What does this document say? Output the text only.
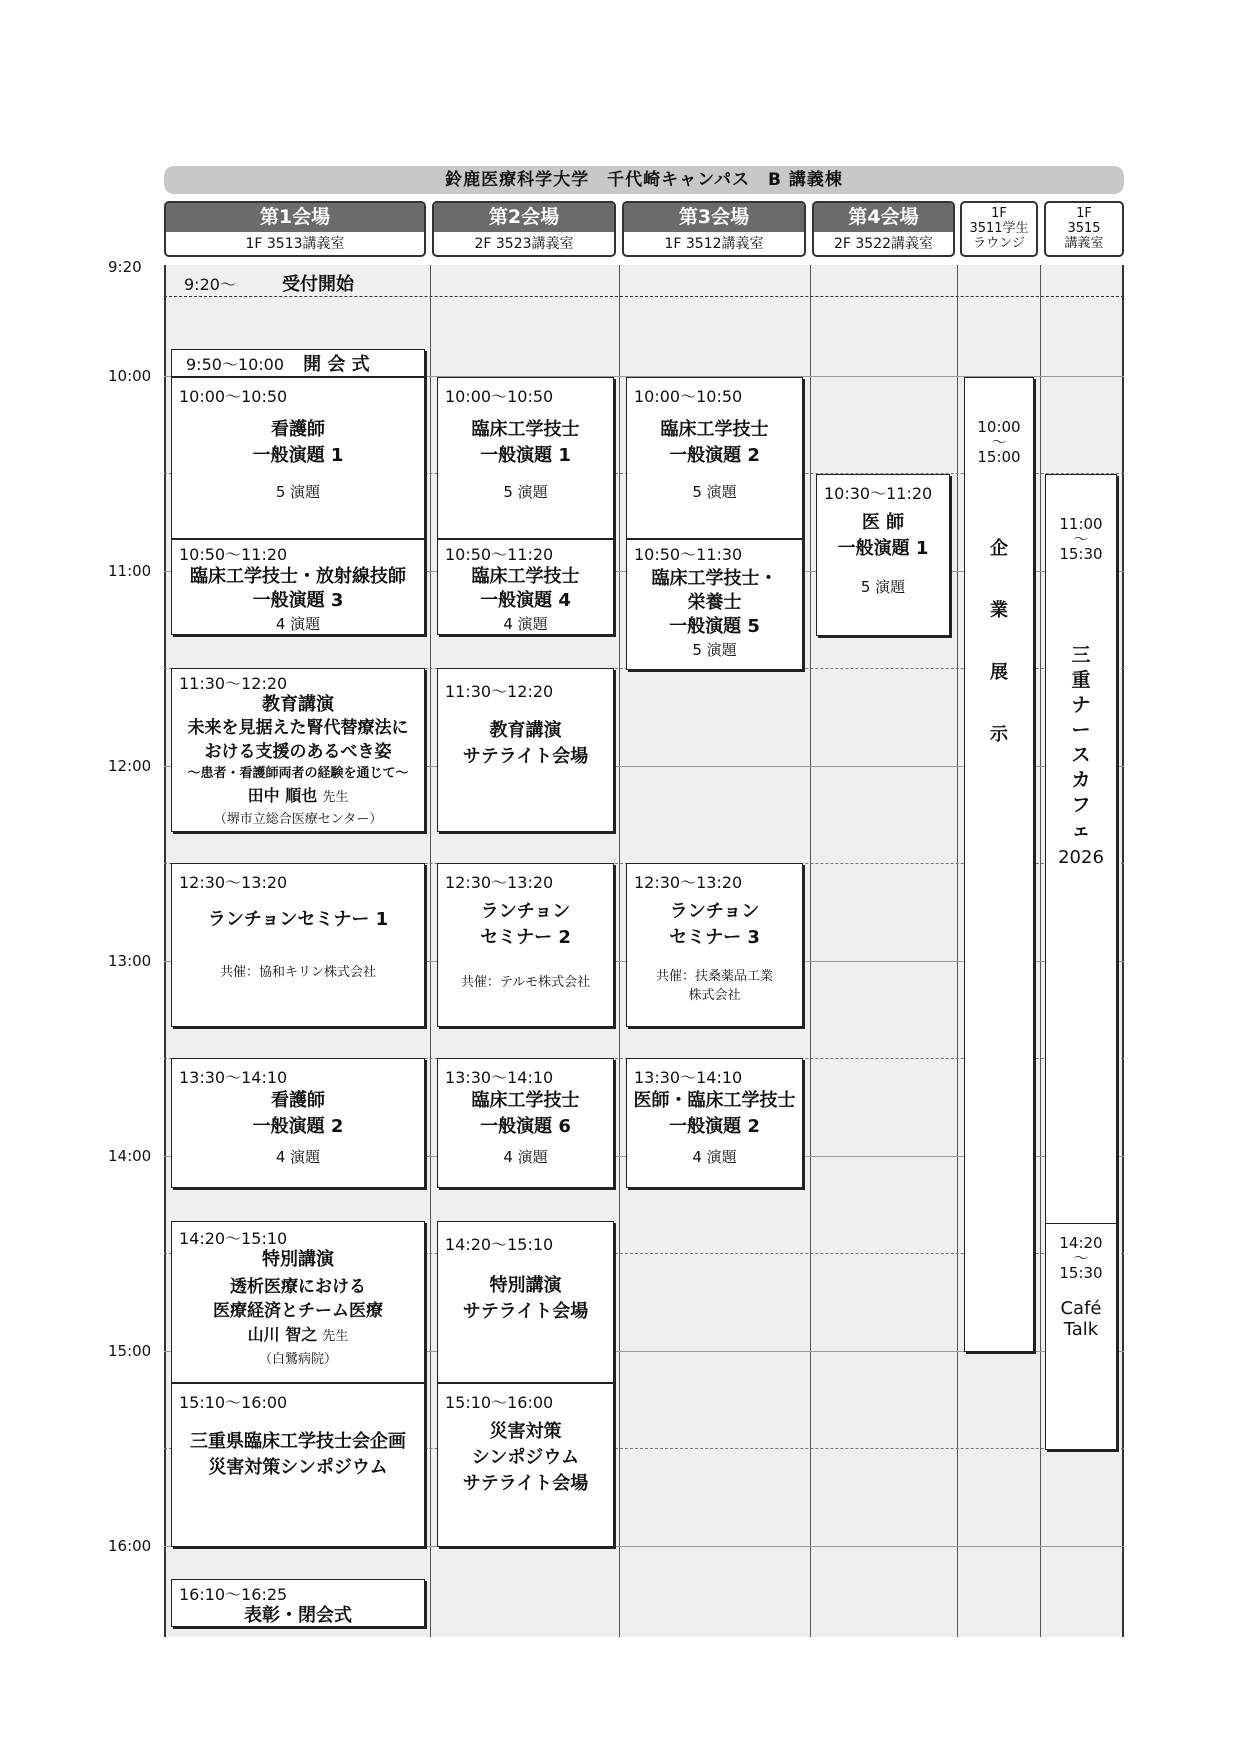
鈴鹿医療科学大学　千代崎キャンパス　B 講義棟
第1会場
1F 3513講義室
第2会場
2F 3523講義室
第3会場
1F 3512講義室
第4会場
2F 3522講義室
1F
3511学生
ラウンジ
1F
3515
講義室
9:20
10:00
11:00
12:00
13:00
14:00
15:00
16:00
9:20～	受付開始
9:50～10:00 開 会 式
10:00～10:50
看護師
一般演題 1
5 演題
10:50～11:20
臨床工学技士・放射線技師
一般演題 3
4 演題
11:30～12:20
教育講演
未来を見据えた腎代替療法に
おける支援のあるべき姿
～患者・看護師両者の経験を通じて～
田中 順也 先生
（堺市立総合医療センター）
12:30～13:20
ランチョンセミナー 1
共催：協和キリン株式会社
13:30～14:10
看護師
一般演題 2
4 演題
14:20～15:10
特別講演
透析医療における
医療経済とチーム医療
山川 智之 先生
（白鷺病院）
15:10～16:00
三重県臨床工学技士会企画
災害対策シンポジウム
16:10～16:25
表彰・閉会式
10:00～10:50
臨床工学技士
一般演題 1
5 演題
10:50～11:20
臨床工学技士
一般演題 4
4 演題
11:30～12:20
教育講演
サテライト会場
12:30～13:20
ランチョン
セミナー 2
共催：テルモ株式会社
13:30～14:10
臨床工学技士
一般演題 6
4 演題
14:20～15:10
特別講演
サテライト会場
15:10～16:00
災害対策
シンポジウム
サテライト会場
10:00～10:50
臨床工学技士
一般演題 2
5 演題
10:50～11:30
臨床工学技士・
栄養士
一般演題 5
5 演題
12:30～13:20
ランチョン
セミナー 3
共催：扶桑薬品工業
株式会社
13:30～14:10
医師・臨床工学技士
一般演題 2
4 演題
10:30～11:20
医 師
一般演題 1
5 演題
10:00
～
15:00
企
業
展
示
11:00
～
15:30
三
重
ナ
ー
ス
カ
フ
ェ
2026
14:20
～
15:30
Café
Talk
